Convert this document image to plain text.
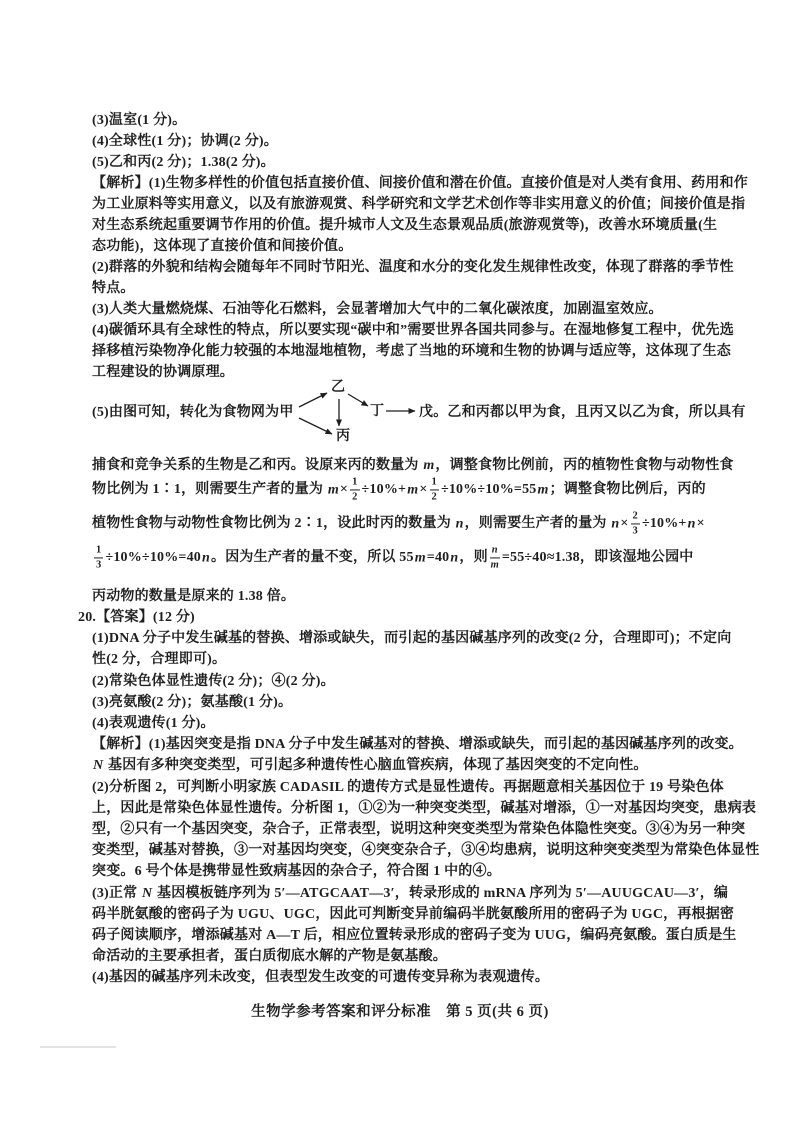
(3)温室(1 分)。
(4)全球性(1 分)；协调(2 分)。
(5)乙和丙(2 分)；1.38(2 分)。
【解析】(1)生物多样性的价值包括直接价值、间接价值和潜在价值。直接价值是对人类有食用、药用和作
为工业原料等实用意义，以及有旅游观赏、科学研究和文学艺术创作等非实用意义的价值；间接价值是指
对生态系统起重要调节作用的价值。提升城市人文及生态景观品质(旅游观赏等)，改善水环境质量(生
态功能)，这体现了直接价值和间接价值。
(2)群落的外貌和结构会随每年不同时节阳光、温度和水分的变化发生规律性改变，体现了群落的季节性
特点。
(3)人类大量燃烧煤、石油等化石燃料，会显著增加大气中的二氧化碳浓度，加剧温室效应。
(4)碳循环具有全球性的特点，所以要实现“碳中和”需要世界各国共同参与。在湿地修复工程中，优先选
择移植污染物净化能力较强的本地湿地植物，考虑了当地的环境和生物的协调与适应等，这体现了生态
工程建设的协调原理。
(5)由图可知，转化为食物网为甲	戊。乙和丙都以甲为食，且丙又以乙为食，所以具有
捕食和竞争关系的生物是乙和丙。设原来丙的数量为 m，调整食物比例前，丙的植物性食物与动物性食
物比例为 1∶1，则需要生产者的量为 $m\times \frac{1}{2} \div 10\%+m\times \frac{1}{2} \div 10\%\div 10\%=55m$；调整食物比例后，丙的
植物性食物与动物性食物比例为 2∶1，设此时丙的数量为 n，则需要生产者的量为 $n\times \frac{2}{3} \div 10\%+n\times$
$\frac{1}{3} \div 10\%\div 10\%=40n$。因为生产者的量不变，所以 55m=40n，则 $\frac{n}{m} =55\div 40\approx 1.38$，即该湿地公园中
丙动物的数量是原来的 1.38 倍。
20.【答案】(12 分)
(1)DNA 分子中发生碱基的替换、增添或缺失，而引起的基因碱基序列的改变(2 分，合理即可)；不定向
性(2 分，合理即可)。
(2)常染色体显性遗传(2 分)；④(2 分)。
(3)亮氨酸(2 分)；氨基酸(1 分)。
(4)表观遗传(1 分)。
【解析】(1)基因突变是指 DNA 分子中发生碱基对的替换、增添或缺失，而引起的基因碱基序列的改变。
N 基因有多种突变类型，可引起多种遗传性心脑血管疾病，体现了基因突变的不定向性。
(2)分析图 2，可判断小明家族 CADASIL 的遗传方式是显性遗传。再据题意相关基因位于 19 号染色体
上，因此是常染色体显性遗传。分析图 1，①②为一种突变类型，碱基对增添，①一对基因均突变，患病表
型，②只有一个基因突变，杂合子，正常表型，说明这种突变类型为常染色体隐性突变。③④为另一种突
变类型，碱基对替换，③一对基因均突变，④突变杂合子，③④均患病，说明这种突变类型为常染色体显性
突变。6 号个体是携带显性致病基因的杂合子，符合图 1 中的④。
(3)正常 N 基因模板链序列为 5′—ATGCAAT—3′，转录形成的 mRNA 序列为 5′—AUUGCAU—3′，编
码半胱氨酸的密码子为 UGU、UGC，因此可判断变异前编码半胱氨酸所用的密码子为 UGC，再根据密
码子阅读顺序，增添碱基对 A—T 后，相应位置转录形成的密码子变为 UUG，编码亮氨酸。蛋白质是生
命活动的主要承担者，蛋白质彻底水解的产物是氨基酸。
(4)基因的碱基序列未改变，但表型发生改变的可遗传变异称为表观遗传。
乙
丙
丁
生物学参考答案和评分标准　第 5 页(共 6 页)
